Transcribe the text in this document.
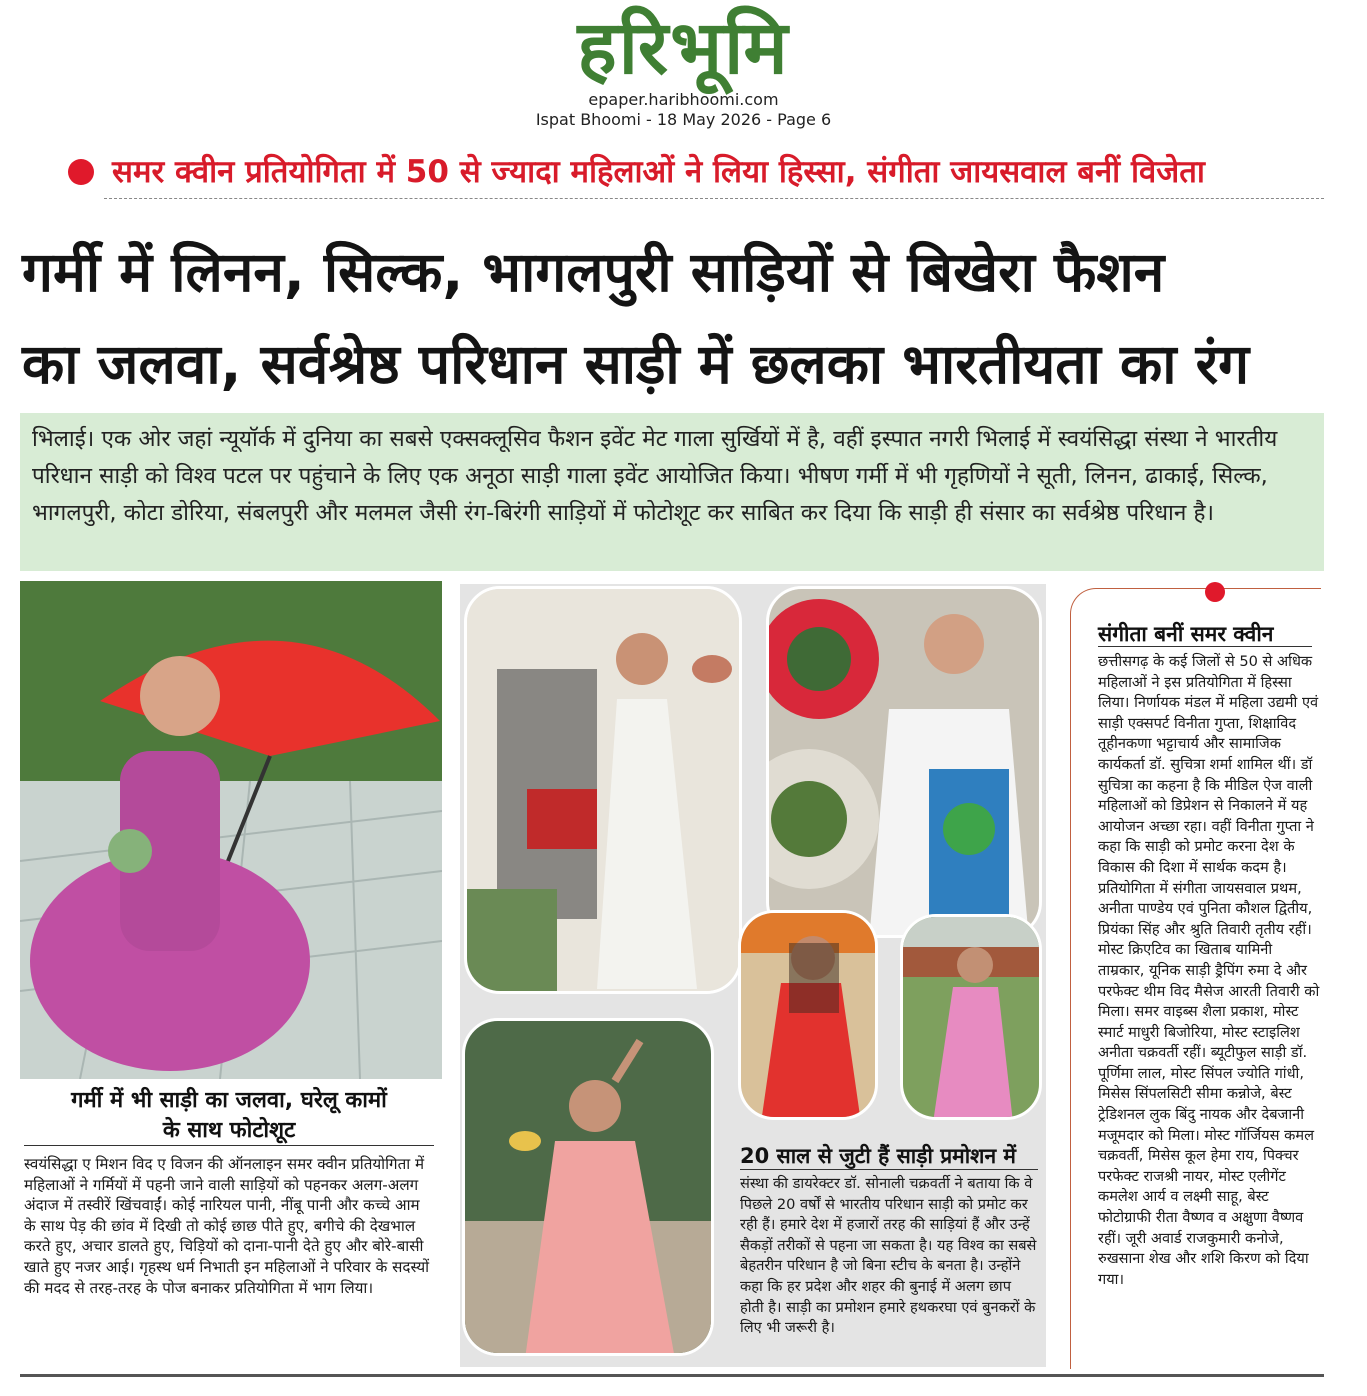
हरिभूमि
epaper.haribhoomi.com
Ispat Bhoomi - 18 May 2026 - Page 6
समर क्वीन प्रतियोगिता में 50 से ज्यादा महिलाओं ने लिया हिस्सा, संगीता जायसवाल बनीं विजेता
गर्मी में लिनन, सिल्क, भागलपुरी साड़ियों से बिखेरा फैशन
का जलवा, सर्वश्रेष्ठ परिधान साड़ी में छलका भारतीयता का रंग
भिलाई। एक ओर जहां न्यूयॉर्क में दुनिया का सबसे एक्सक्लूसिव फैशन इवेंट मेट गाला सुर्खियों में है, वहीं इस्पात नगरी भिलाई में स्वयंसिद्धा संस्था ने भारतीय परिधान साड़ी को विश्व पटल पर पहुंचाने के लिए एक अनूठा साड़ी गाला इवेंट आयोजित किया। भीषण गर्मी में भी गृहणियों ने सूती, लिनन, ढाकाई, सिल्क, भागलपुरी, कोटा डोरिया, संबलपुरी और मलमल जैसी रंग-बिरंगी साड़ियों में फोटोशूट कर साबित कर दिया कि साड़ी ही संसार का सर्वश्रेष्ठ परिधान है।
गर्मी में भी साड़ी का जलवा, घरेलू कामों
के साथ फोटोशूट
स्वयंसिद्धा ए मिशन विद ए विजन की ऑनलाइन समर क्वीन प्रतियोगिता में महिलाओं ने गर्मियों में पहनी जाने वाली साड़ियों को पहनकर अलग-अलग अंदाज में तस्वीरें खिंचवाईं। कोई नारियल पानी, नींबू पानी और कच्चे आम के साथ पेड़ की छांव में दिखी तो कोई छाछ पीते हुए, बगीचे की देखभाल करते हुए, अचार डालते हुए, चिड़ियों को दाना-पानी देते हुए और बोरे-बासी खाते हुए नजर आई। गृहस्थ धर्म निभाती इन महिलाओं ने परिवार के सदस्यों की मदद से तरह-तरह के पोज बनाकर प्रतियोगिता में भाग लिया।
20 साल से जुटी हैं साड़ी प्रमोशन में
संस्था की डायरेक्टर डॉ. सोनाली चक्रवर्ती ने बताया कि वे पिछले 20 वर्षों से भारतीय परिधान साड़ी को प्रमोट कर रही हैं। हमारे देश में हजारों तरह की साड़ियां हैं और उन्हें सैकड़ों तरीकों से पहना जा सकता है। यह विश्व का सबसे बेहतरीन परिधान है जो बिना स्टीच के बनता है। उन्होंने कहा कि हर प्रदेश और शहर की बुनाई में अलग छाप होती है। साड़ी का प्रमोशन हमारे हथकरघा एवं बुनकरों के लिए भी जरूरी है।
संगीता बनीं समर क्वीन
छत्तीसगढ़ के कई जिलों से 50 से अधिक महिलाओं ने इस प्रतियोगिता में हिस्सा लिया। निर्णायक मंडल में महिला उद्यमी एवं साड़ी एक्सपर्ट विनीता गुप्ता, शिक्षाविद तूहीनकणा भट्टाचार्य और सामाजिक कार्यकर्ता डॉ. सुचित्रा शर्मा शामिल थीं। डॉ सुचित्रा का कहना है कि मीडिल ऐज वाली महिलाओं को डिप्रेशन से निकालने में यह आयोजन अच्छा रहा। वहीं विनीता गुप्ता ने कहा कि साड़ी को प्रमोट करना देश के विकास की दिशा में सार्थक कदम है। प्रतियोगिता में संगीता जायसवाल प्रथम, अनीता पाण्डेय एवं पुनिता कौशल द्वितीय, प्रियंका सिंह और श्रुति तिवारी तृतीय रहीं। मोस्ट क्रिएटिव का खिताब यामिनी ताम्रकार, यूनिक साड़ी ड्रैपिंग रुमा दे और परफेक्ट थीम विद मैसेज आरती तिवारी को मिला। समर वाइब्स शैला प्रकाश, मोस्ट स्मार्ट माधुरी बिजोरिया, मोस्ट स्टाइलिश अनीता चक्रवर्ती रहीं। ब्यूटीफुल साड़ी डॉ. पूर्णिमा लाल, मोस्ट सिंपल ज्योति गांधी, मिसेस सिंपलसिटी सीमा कन्नोजे, बेस्ट ट्रेडिशनल लुक बिंदु नायक और देबजानी मजूमदार को मिला। मोस्ट गॉर्जियस कमल चक्रवर्ती, मिसेस कूल हेमा राय, पिक्चर परफेक्ट राजश्री नायर, मोस्ट एलीगेंट कमलेश आर्य व लक्ष्मी साहू, बेस्ट फोटोग्राफी रीता वैष्णव व अक्षुणा वैष्णव रहीं। जूरी अवार्ड राजकुमारी कनोजे, रुखसाना शेख और शशि किरण को दिया गया।
